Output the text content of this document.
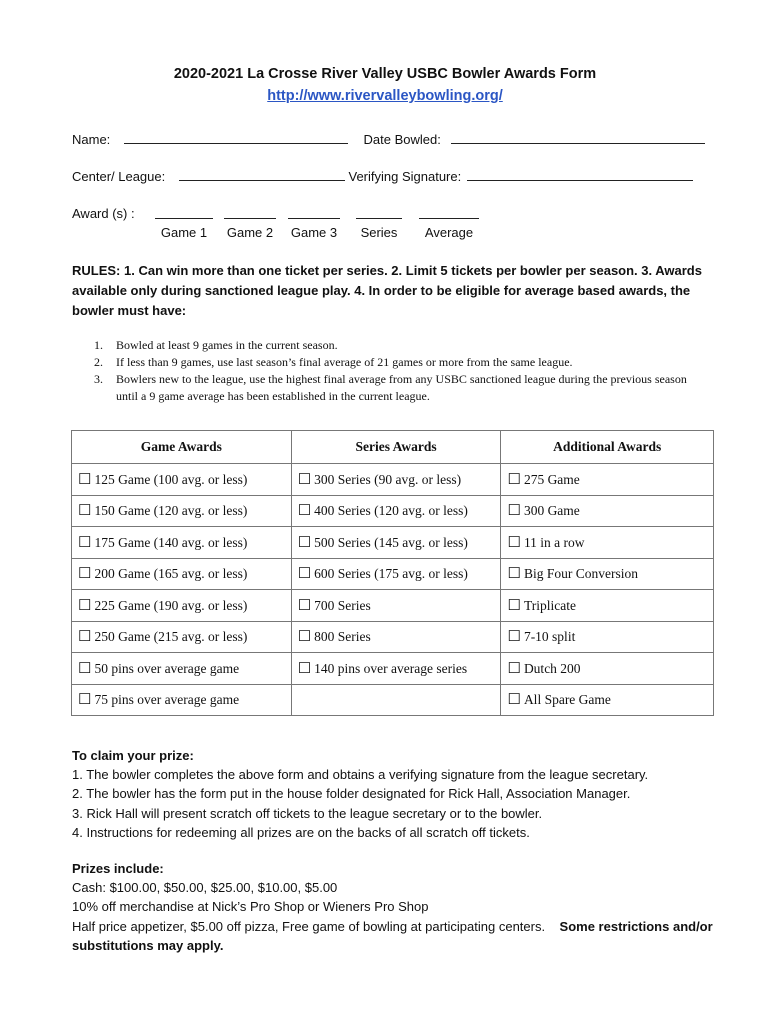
2020-2021 La Crosse River Valley USBC Bowler Awards Form
http://www.rivervalleybowling.org/
Name:	Date Bowled:
Center/ League:	Verifying Signature:
Award (s) :
Game 1	Game 2	Game 3	Series	Average
RULES: 1. Can win more than one ticket per series. 2. Limit 5 tickets per bowler per season. 3. Awards available only during sanctioned league play. 4. In order to be eligible for average based awards, the bowler must have:
1. Bowled at least 9 games in the current season.
2. If less than 9 games, use last season’s final average of 21 games or more from the same league.
3. Bowlers new to the league, use the highest final average from any USBC sanctioned league during the previous season until a 9 game average has been established in the current league.
Game Awards	Series Awards	Additional Awards
☐ 125 Game (100 avg. or less)	☐ 300 Series (90 avg. or less)	☐ 275 Game
☐ 150 Game (120 avg. or less)	☐ 400 Series (120 avg. or less)	☐ 300 Game
☐ 175 Game (140 avg. or less)	☐ 500 Series (145 avg. or less)	☐ 11 in a row
☐ 200 Game (165 avg. or less)	☐ 600 Series (175 avg. or less)	☐ Big Four Conversion
☐ 225 Game (190 avg. or less)	☐ 700 Series	☐ Triplicate
☐ 250 Game (215 avg. or less)	☐ 800 Series	☐ 7-10 split
☐ 50 pins over average game	☐ 140 pins over average series	☐ Dutch 200
☐ 75 pins over average game		☐ All Spare Game
To claim your prize:
1. The bowler completes the above form and obtains a verifying signature from the league secretary.
2. The bowler has the form put in the house folder designated for Rick Hall, Association Manager.
3. Rick Hall will present scratch off tickets to the league secretary or to the bowler.
4. Instructions for redeeming all prizes are on the backs of all scratch off tickets.
Prizes include:
Cash: $100.00, $50.00, $25.00, $10.00, $5.00
10% off merchandise at Nick’s Pro Shop or Wieners Pro Shop
Half price appetizer, $5.00 off pizza, Free game of bowling at participating centers. Some restrictions and/or substitutions may apply.
